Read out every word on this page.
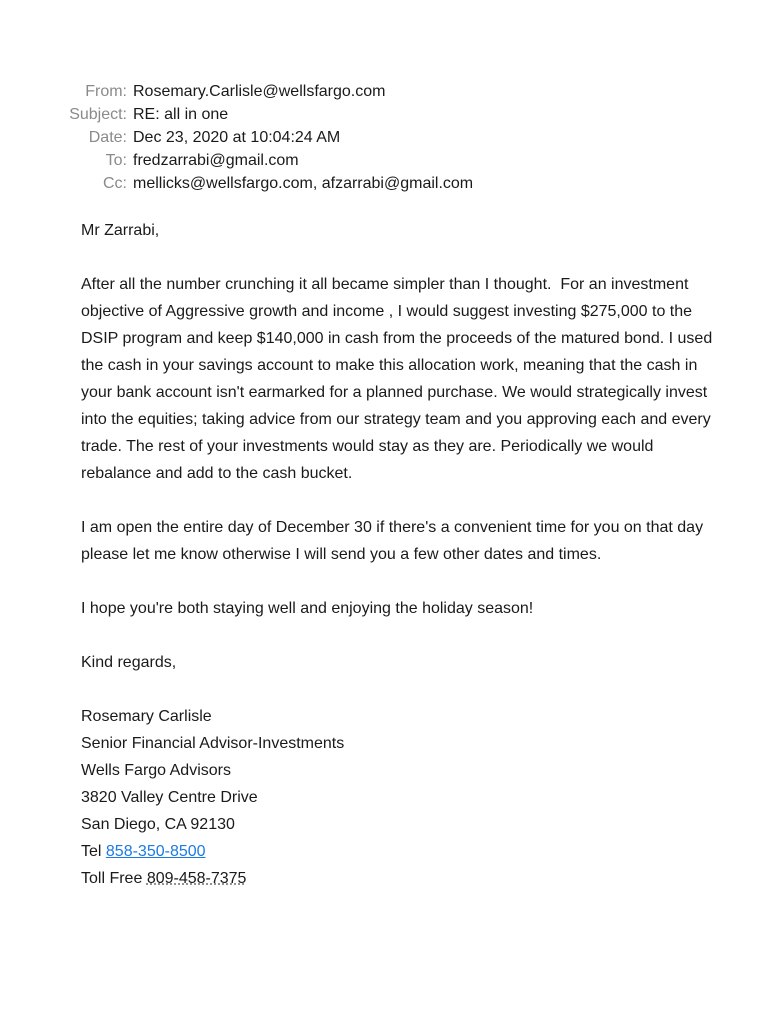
From: Rosemary.Carlisle@wellsfargo.com
Subject: RE: all in one
Date: Dec 23, 2020 at 10:04:24 AM
To: fredzarrabi@gmail.com
Cc: mellicks@wellsfargo.com, afzarrabi@gmail.com

Mr Zarrabi,

After all the number crunching it all became simpler than I thought.  For an investment objective of Aggressive growth and income , I would suggest investing $275,000 to the DSIP program and keep $140,000 in cash from the proceeds of the matured bond. I used the cash in your savings account to make this allocation work, meaning that the cash in your bank account isn't earmarked for a planned purchase. We would strategically invest into the equities; taking advice from our strategy team and you approving each and every trade. The rest of your investments would stay as they are. Periodically we would rebalance and add to the cash bucket.

I am open the entire day of December 30 if there's a convenient time for you on that day please let me know otherwise I will send you a few other dates and times.

I hope you're both staying well and enjoying the holiday season!

Kind regards,

Rosemary Carlisle
Senior Financial Advisor-Investments
Wells Fargo Advisors
3820 Valley Centre Drive
San Diego, CA 92130
Tel 858-350-8500
Toll Free 809-458-7375
